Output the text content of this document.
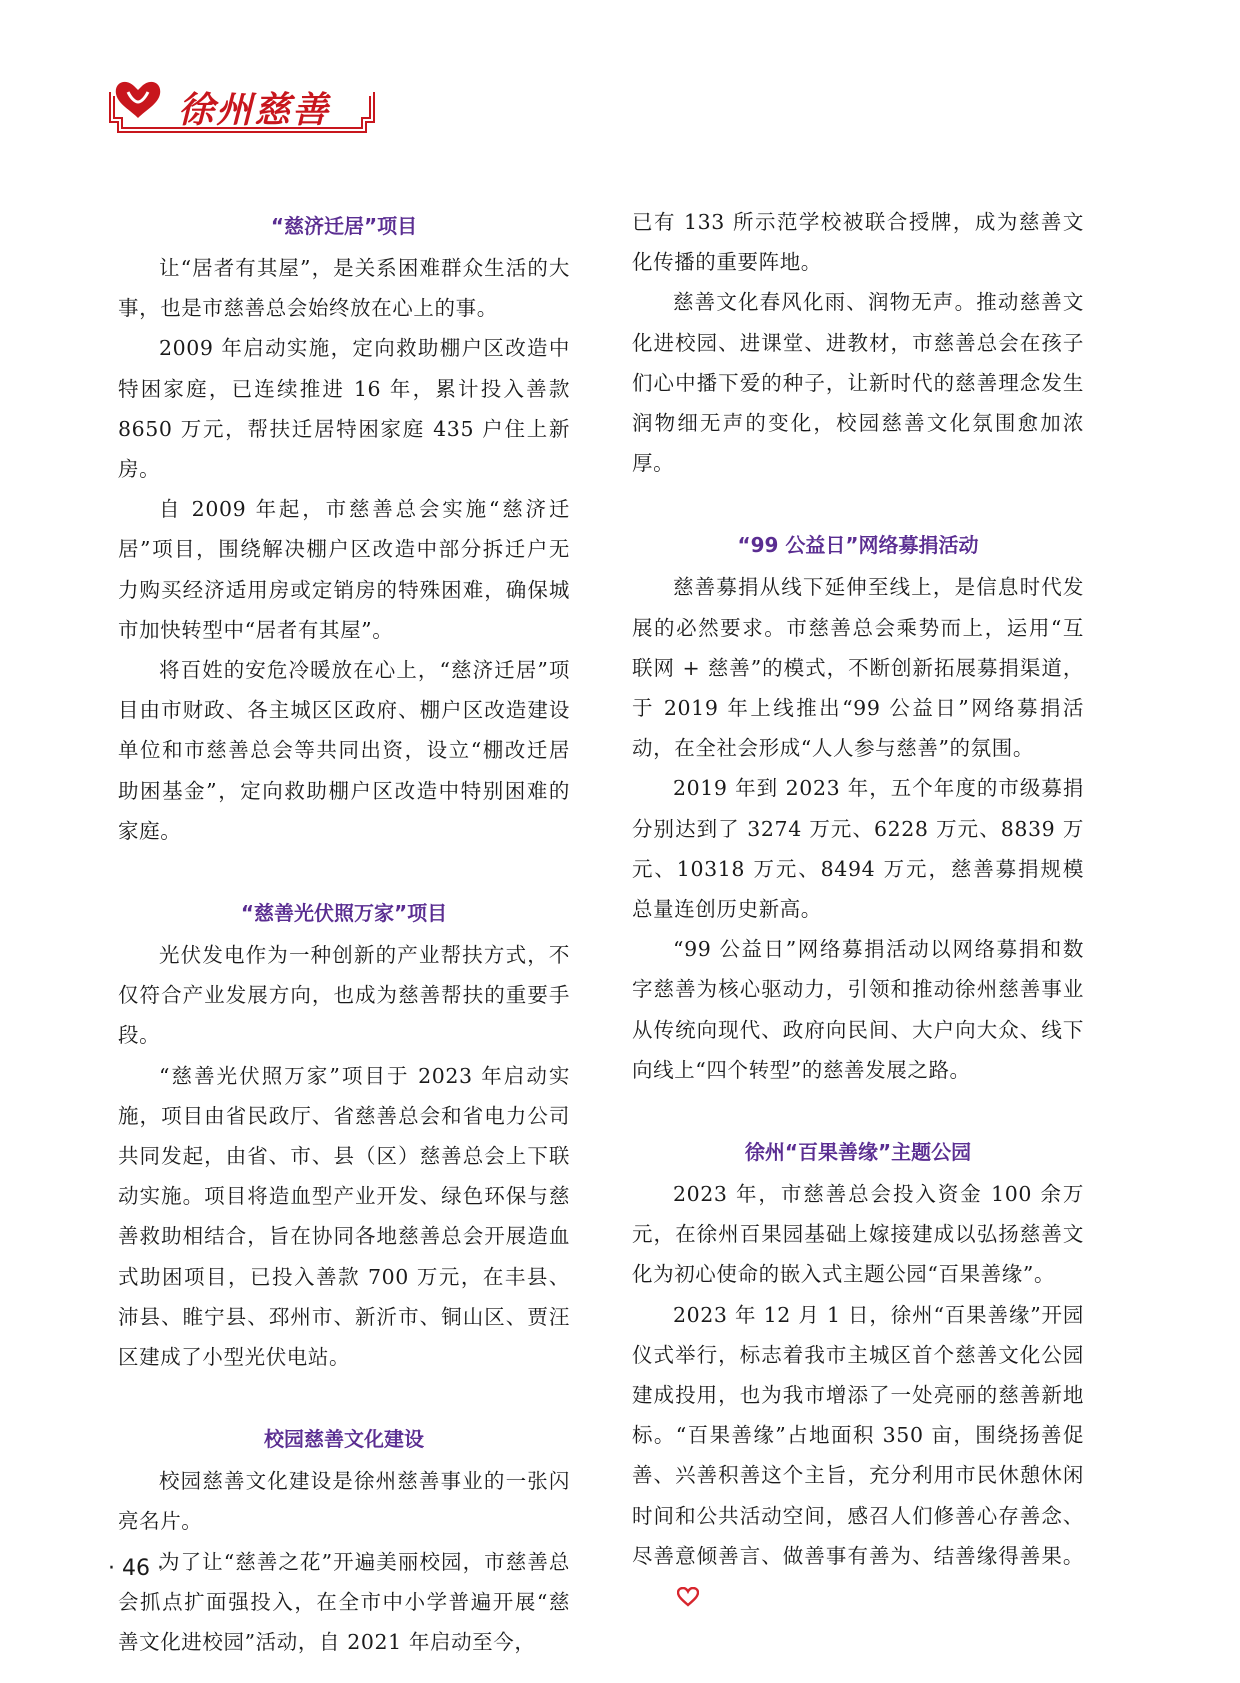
徐州慈善
“慈济迁居”项目

让“居者有其屋”，是关系困难群众生活的大事，也是市慈善总会始终放在心上的事。

2009 年启动实施，定向救助棚户区改造中特困家庭，已连续推进 16 年，累计投入善款 8650 万元，帮扶迁居特困家庭 435 户住上新房。

自 2009 年起，市慈善总会实施“慈济迁居”项目，围绕解决棚户区改造中部分拆迁户无力购买经济适用房或定销房的特殊困难，确保城市加快转型中“居者有其屋”。

将百姓的安危冷暖放在心上，“慈济迁居”项目由市财政、各主城区区政府、棚户区改造建设单位和市慈善总会等共同出资，设立“棚改迁居助困基金”，定向救助棚户区改造中特别困难的家庭。

“慈善光伏照万家”项目

光伏发电作为一种创新的产业帮扶方式，不仅符合产业发展方向，也成为慈善帮扶的重要手段。

“慈善光伏照万家”项目于 2023 年启动实施，项目由省民政厅、省慈善总会和省电力公司共同发起，由省、市、县（区）慈善总会上下联动实施。项目将造血型产业开发、绿色环保与慈善救助相结合，旨在协同各地慈善总会开展造血式助困项目，已投入善款 700 万元，在丰县、沛县、睢宁县、邳州市、新沂市、铜山区、贾汪区建成了小型光伏电站。

校园慈善文化建设

校园慈善文化建设是徐州慈善事业的一张闪亮名片。

为了让“慈善之花”开遍美丽校园，市慈善总会抓点扩面强投入，在全市中小学普遍开展“慈善文化进校园”活动，自 2021 年启动至今，

已有 133 所示范学校被联合授牌，成为慈善文化传播的重要阵地。

慈善文化春风化雨、润物无声。推动慈善文化进校园、进课堂、进教材，市慈善总会在孩子们心中播下爱的种子，让新时代的慈善理念发生润物细无声的变化，校园慈善文化氛围愈加浓厚。

“99 公益日”网络募捐活动

慈善募捐从线下延伸至线上，是信息时代发展的必然要求。市慈善总会乘势而上，运用“互联网 + 慈善”的模式，不断创新拓展募捐渠道，于 2019 年上线推出“99 公益日”网络募捐活动，在全社会形成“人人参与慈善”的氛围。

2019 年到 2023 年，五个年度的市级募捐分别达到了 3274 万元、6228 万元、8839 万元、10318 万元、8494 万元，慈善募捐规模总量连创历史新高。

“99 公益日”网络募捐活动以网络募捐和数字慈善为核心驱动力，引领和推动徐州慈善事业从传统向现代、政府向民间、大户向大众、线下向线上“四个转型”的慈善发展之路。

徐州“百果善缘”主题公园

2023 年，市慈善总会投入资金 100 余万元，在徐州百果园基础上嫁接建成以弘扬慈善文化为初心使命的嵌入式主题公园“百果善缘”。

2023 年 12 月 1 日，徐州“百果善缘”开园仪式举行，标志着我市主城区首个慈善文化公园建成投用，也为我市增添了一处亮丽的慈善新地标。“百果善缘”占地面积 350 亩，围绕扬善促善、兴善积善这个主旨，充分利用市民休憩休闲时间和公共活动空间，感召人们修善心存善念、尽善意倾善言、做善事有善为、结善缘得善果。

· 46 ·
